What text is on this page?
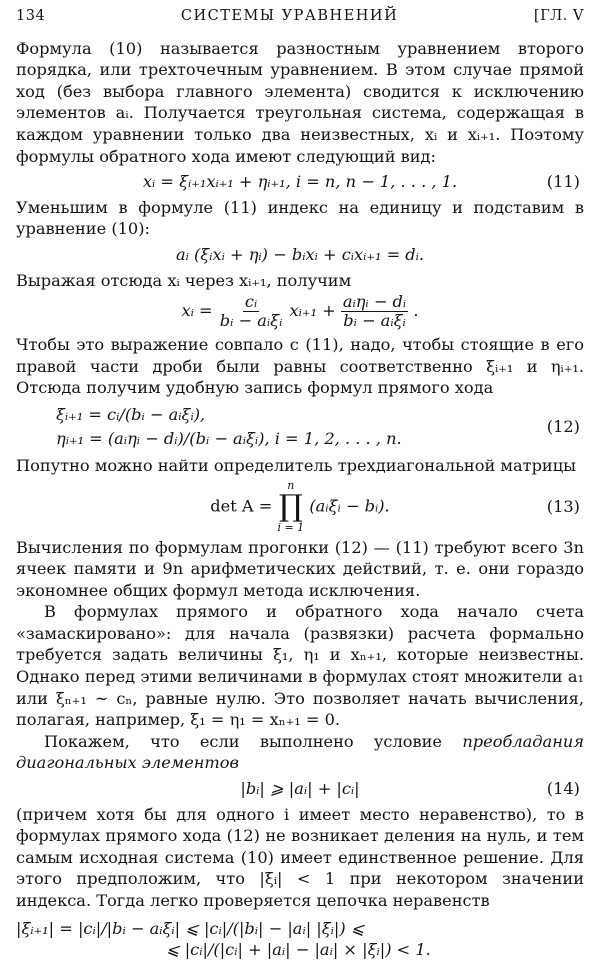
134	СИСТЕМЫ УРАВНЕНИЙ	[ГЛ. V

Формула (10) называется разностным уравнением второго порядка, или трехточечным уравнением. В этом случае прямой ход (без выбора главного элемента) сводится к исключению элементов aᵢ. Получается треугольная система, содержащая в каждом уравнении только два неизвестных, xᵢ и xᵢ₊₁. Поэтому формулы обратного хода имеют следующий вид:

xᵢ = ξᵢ₊₁xᵢ₊₁ + ηᵢ₊₁, i = n, n − 1, . . . , 1.	(11)

Уменьшим в формуле (11) индекс на единицу и подставим в уравнение (10):

aᵢ (ξᵢxᵢ + ηᵢ) − bᵢxᵢ + cᵢxᵢ₊₁ = dᵢ.

Выражая отсюда xᵢ через xᵢ₊₁, получим

xᵢ = $\frac{\text{cᵢ}}{\text{bᵢ − aᵢξᵢ}}$ xᵢ₊₁ + $\frac{\text{aᵢηᵢ − dᵢ}}{\text{bᵢ − aᵢξᵢ}}$ .

Чтобы это выражение совпало с (11), надо, чтобы стоящие в его правой части дроби были равны соответственно ξᵢ₊₁ и ηᵢ₊₁. Отсюда получим удобную запись формул прямого хода

ξᵢ₊₁ = cᵢ/(bᵢ − aᵢξᵢ),
ηᵢ₊₁ = (aᵢηᵢ − dᵢ)/(bᵢ − aᵢξᵢ), i = 1, 2, . . . , n.
(12)

Попутно можно найти определитель трехдиагональной матрицы

det A =
n
∏
i = 1
(aᵢξᵢ − bᵢ).	(13)

Вычисления по формулам прогонки (12) — (11) требуют всего 3n ячеек памяти и 9n арифметических действий, т. е. они гораздо экономнее общих формул метода исключения.

В формулах прямого и обратного хода начало счета «замаскировано»: для начала (развязки) расчета формально требуется задать величины ξ₁, η₁ и xₙ₊₁, которые неизвестны. Однако перед этими величинами в формулах стоят множители a₁ или ξₙ₊₁ ∼ cₙ, равные нулю. Это позволяет начать вычисления, полагая, например, ξ₁ = η₁ = xₙ₊₁ = 0.

Покажем, что если выполнено условие преобладания диагональных элементов

|bᵢ| ⩾ |aᵢ| + |cᵢ|	(14)

(причем хотя бы для одного i имеет место неравенство), то в формулах прямого хода (12) не возникает деления на нуль, и тем самым исходная система (10) имеет единственное решение. Для этого предположим, что |ξᵢ| < 1 при некотором значении индекса. Тогда легко проверяется цепочка неравенств

|ξᵢ₊₁| = |cᵢ|/|bᵢ − aᵢξᵢ| ⩽ |cᵢ|/(|bᵢ| − |aᵢ| |ξᵢ|) ⩽
⩽ |cᵢ|/(|cᵢ| + |aᵢ| − |aᵢ| × |ξᵢ|) < 1.
